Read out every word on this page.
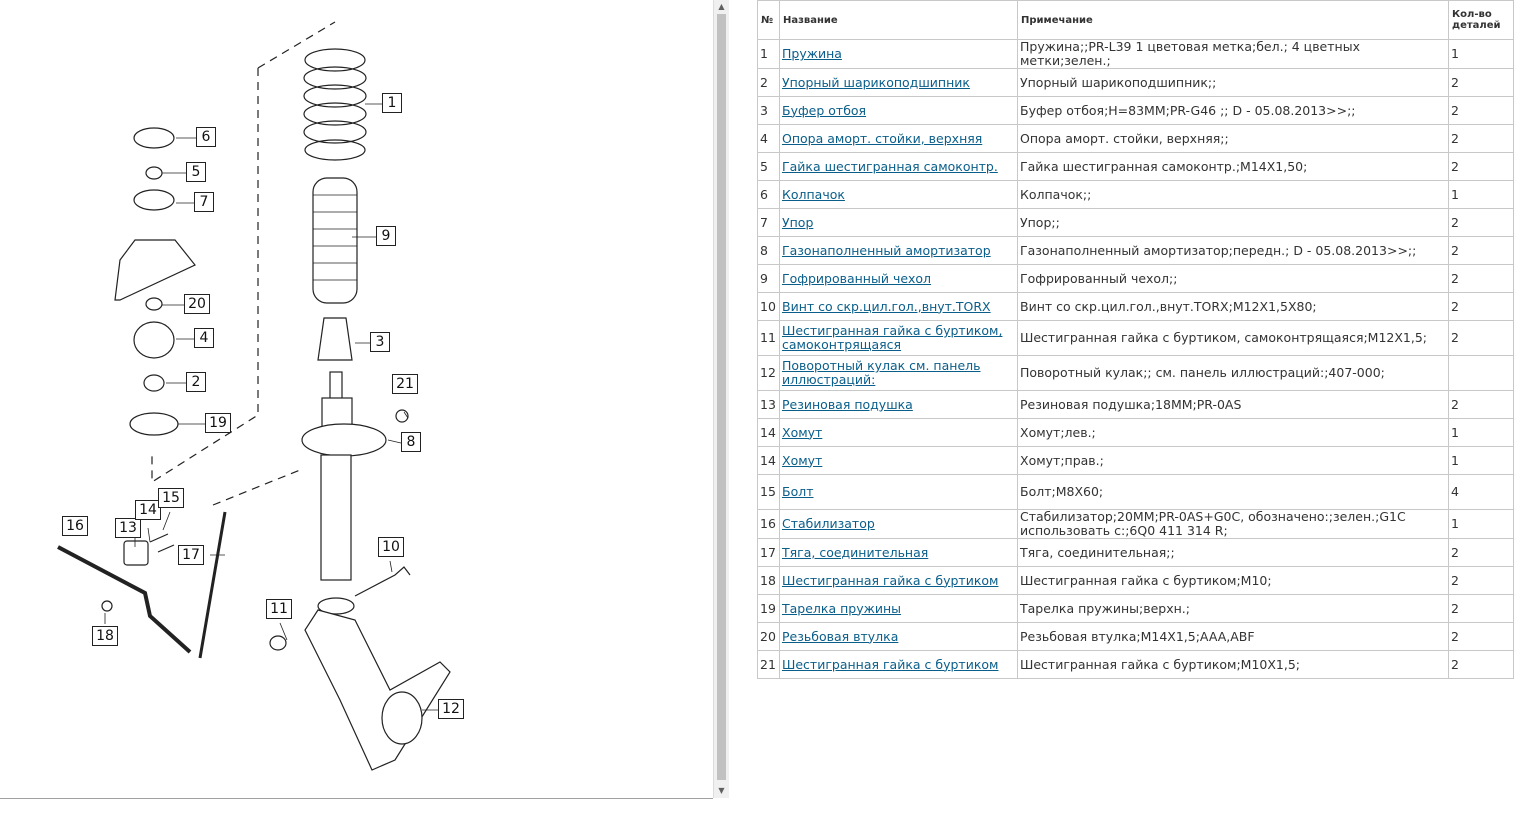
1
2
3
4
5
6
7
8
9
10
11
12
13
14
15
16
17
18
19
20
21
▲
▼
№	Название	Примечание	Кол-во
деталей
1	Пружина	Пружина;;PR-L39 1 цветовая метка;бел.; 4 цветных метки;зелен.;	1
2	Упорный шарикоподшипник	Упорный шарикоподшипник;;	2
3	Буфер отбоя	Буфер отбоя;H=83MM;PR-G46 ;; D - 05.08.2013>>;;	2
4	Опора аморт. стойки, верхняя	Опора аморт. стойки, верхняя;;	2
5	Гайка шестигранная самоконтр.	Гайка шестигранная самоконтр.;M14X1,50;	2
6	Колпачок	Колпачок;;	1
7	Упор	Упор;;	2
8	Газонаполненный амортизатор	Газонаполненный амортизатор;передн.; D - 05.08.2013>>;;	2
9	Гофрированный чехол	Гофрированный чехол;;	2
10	Винт со скр.цил.гол.,внут.TORX	Винт со скр.цил.гол.,внут.TORX;M12X1,5X80;	2
11	Шестигранная гайка с буртиком, самоконтрящаяся	Шестигранная гайка с буртиком, самоконтрящаяся;M12X1,5;	2
12	Поворотный кулак см. панель иллюстраций:	Поворотный кулак;; см. панель иллюстраций:;407-000;	
13	Резиновая подушка	Резиновая подушка;18MM;PR-0AS	2
14	Хомут	Хомут;лев.;	1
14	Хомут	Хомут;прав.;	1
15	Болт	Болт;M8X60;	4
16	Стабилизатор	Стабилизатор;20MM;PR-0AS+G0C, обозначено:;зелен.;G1C использовать с:;6Q0 411 314 R;	1
17	Тяга, соединительная	Тяга, соединительная;;	2
18	Шестигранная гайка с буртиком	Шестигранная гайка с буртиком;M10;	2
19	Тарелка пружины	Тарелка пружины;верхн.;	2
20	Резьбовая втулка	Резьбовая втулка;M14X1,5;AAA,ABF	2
21	Шестигранная гайка с буртиком	Шестигранная гайка с буртиком;M10X1,5;	2
